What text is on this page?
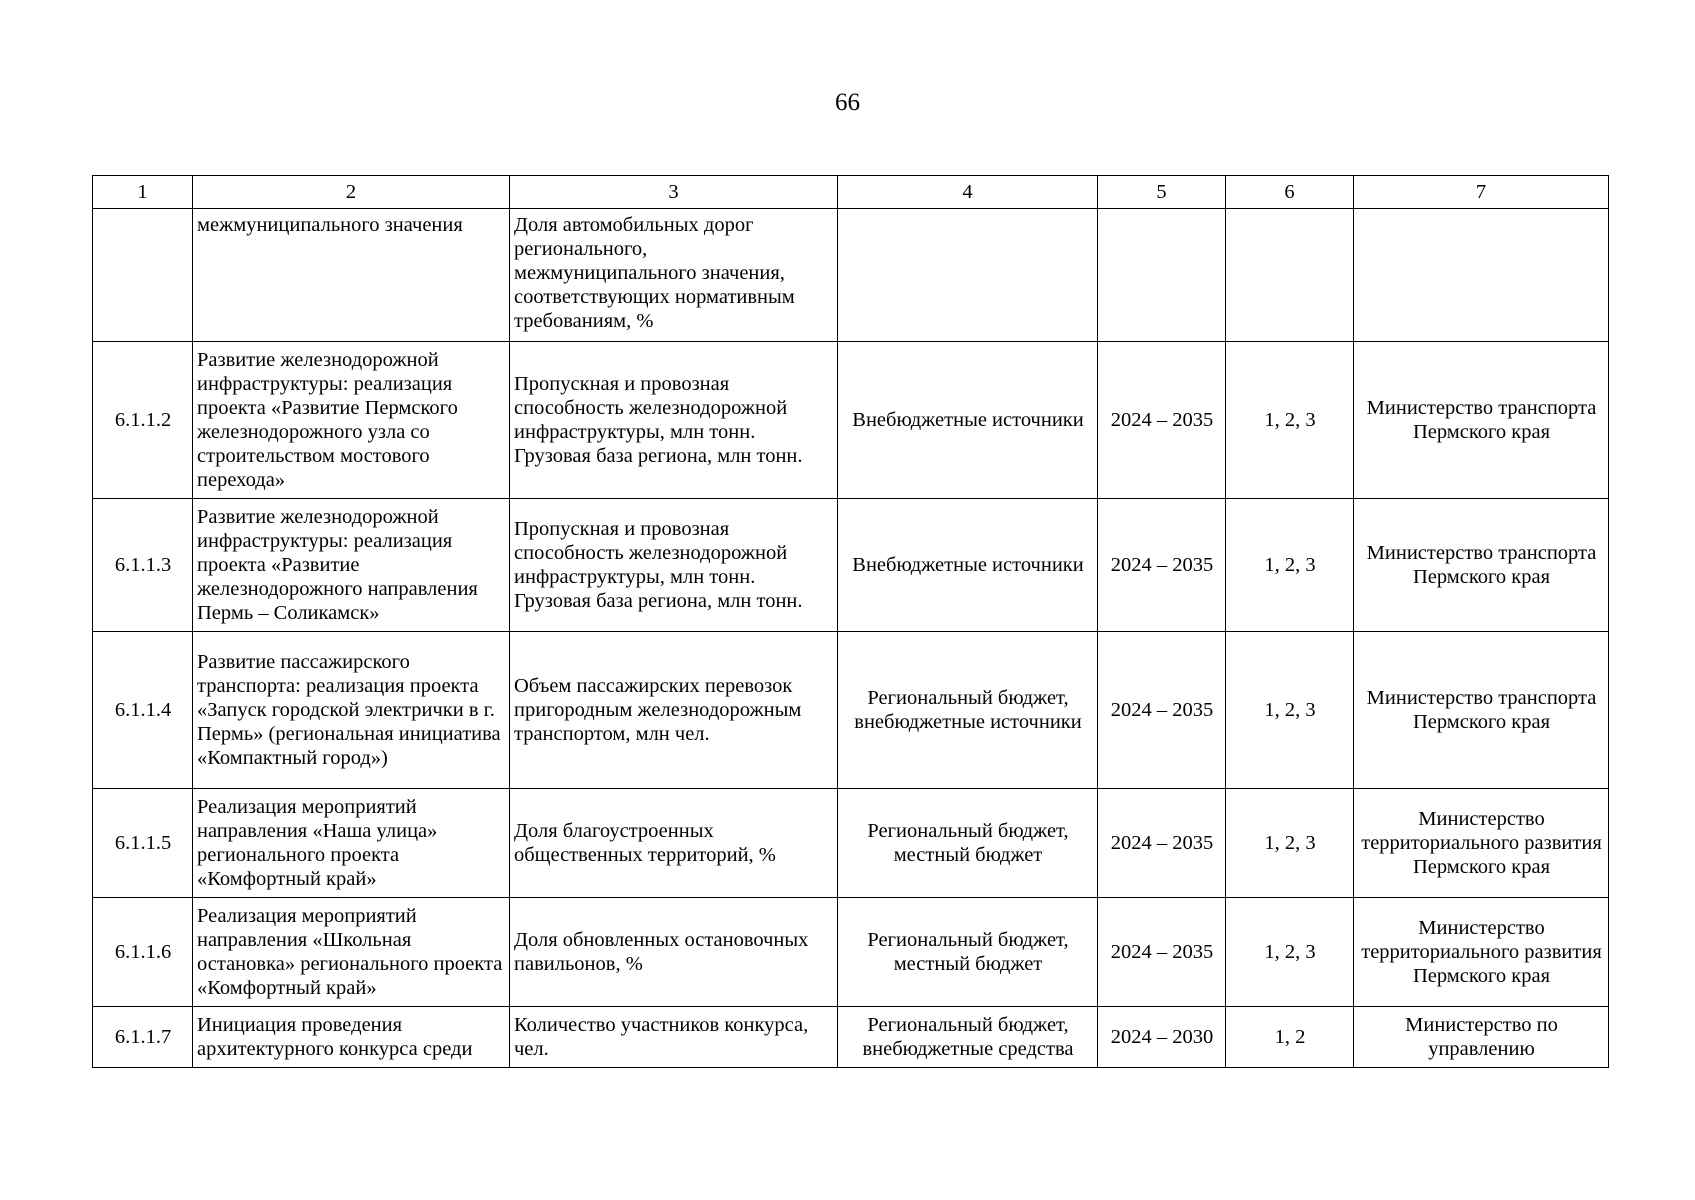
66
1	2	3	4	5	6	7
	межмуниципального значения	Доля автомобильных дорог регионального, межмуниципального значения, соответствующих нормативным требованиям, %				
6.1.1.2	Развитие железнодорожной инфраструктуры: реализация проекта «Развитие Пермского железнодорожного узла со строительством мостового перехода»	Пропускная и провозная способность железнодорожной инфраструктуры, млн тонн. Грузовая база региона, млн тонн.	Внебюджетные источники	2024 – 2035	1, 2, 3	Министерство транспорта Пермского края
6.1.1.3	Развитие железнодорожной инфраструктуры: реализация проекта «Развитие железнодорожного направления Пермь – Соликамск»	Пропускная и провозная способность железнодорожной инфраструктуры, млн тонн. Грузовая база региона, млн тонн.	Внебюджетные источники	2024 – 2035	1, 2, 3	Министерство транспорта Пермского края
6.1.1.4	Развитие пассажирского транспорта: реализация проекта «Запуск городской электрички в г. Пермь» (региональная инициатива «Компактный город»)	Объем пассажирских перевозок пригородным железнодорожным транспортом, млн чел.	Региональный бюджет, внебюджетные источники	2024 – 2035	1, 2, 3	Министерство транспорта Пермского края
6.1.1.5	Реализация мероприятий направления «Наша улица» регионального проекта «Комфортный край»	Доля благоустроенных общественных территорий, %	Региональный бюджет, местный бюджет	2024 – 2035	1, 2, 3	Министерство территориального развития Пермского края
6.1.1.6	Реализация мероприятий направления «Школьная остановка» регионального проекта «Комфортный край»	Доля обновленных остановочных павильонов, %	Региональный бюджет, местный бюджет	2024 – 2035	1, 2, 3	Министерство территориального развития Пермского края
6.1.1.7	Инициация проведения архитектурного конкурса среди	Количество участников конкурса, чел.	Региональный бюджет, внебюджетные средства	2024 – 2030	1, 2	Министерство по управлению
